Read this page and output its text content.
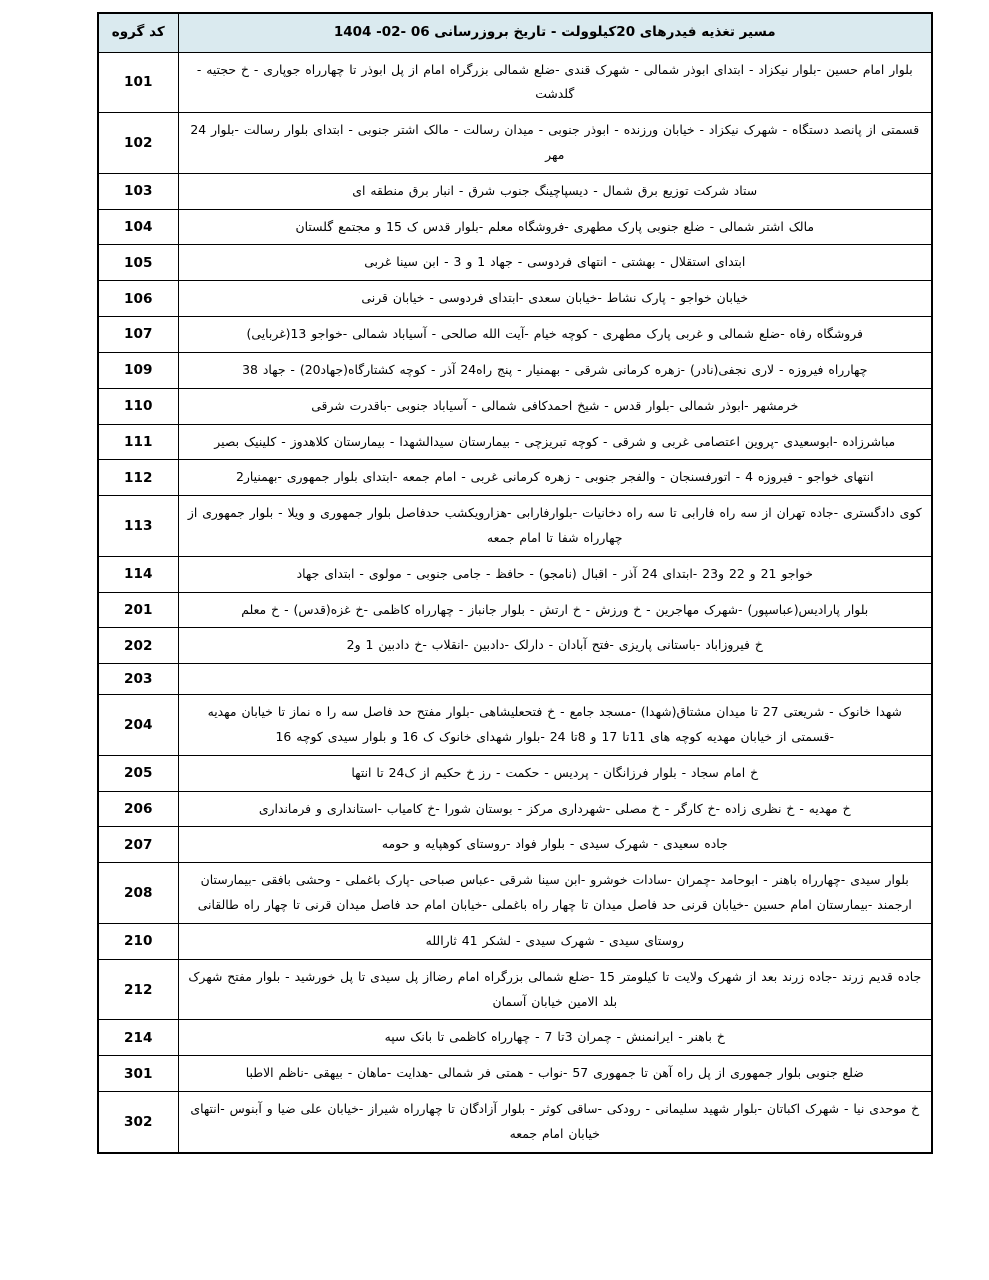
مسیر تغذیه فیدرهای 20کیلوولت - تاریخ بروزرسانی 06 -02- 1404	کد گروه
بلوار امام حسین -بلوار نیکزاد - ابتدای ابوذر شمالی - شهرک قندی -ضلع شمالی بزرگراه امام از پل ابوذر تا چهارراه جوپاری - خ حجتیه - گلدشت	101
قسمتی از پانصد دستگاه - شهرک نیکزاد - خیابان ورزنده - ابوذر جنوبی - میدان رسالت - مالک اشتر جنوبی - ابتدای بلوار رسالت -بلوار 24 مهر	102
ستاد شرکت توزیع برق شمال - دیسپاچینگ جنوب شرق - انبار برق منطقه ای	103
مالک اشتر شمالی - ضلع جنوبی پارک مطهری -فروشگاه معلم -بلوار قدس ک 15 و مجتمع گلستان	104
ابتدای استقلال - بهشتی - انتهای فردوسی - جهاد 1 و 3 - ابن سینا غربی	105
خیابان خواجو - پارک نشاط -خیابان سعدی -ابتدای فردوسی - خیابان قرنی	106
فروشگاه رفاه -ضلع شمالی و غربی پارک مطهری - کوچه خیام -آیت الله صالحی - آسیاباد شمالی -خواجو 13(غربایی)	107
چهارراه فیروزه - لاری نجفی(نادر) -زهره کرمانی شرقی - بهمنیار - پنج راه24 آذر - کوچه کشتارگاه(جهاد20) - جهاد 38	109
خرمشهر -ابوذر شمالی -بلوار قدس - شیخ احمدکافی شمالی - آسیاباد جنوبی -باقدرت شرقی	110
مباشرزاده -ابوسعیدی -پروین اعتصامی غربی و شرقی - کوچه تبریزچی - بیمارستان سیدالشهدا - بیمارستان کلاهدوز - کلینیک بصیر	111
انتهای خواجو - فیروزه 4 - اتورفسنجان - والفجر جنوبی - زهره کرمانی غربی - امام جمعه -ابتدای بلوار جمهوری -بهمنیار2	112
کوی دادگستری -جاده تهران از سه راه فارابی تا سه راه دخانیات -بلوارفارابی -هزارویکشب حدفاصل بلوار جمهوری و ویلا - بلوار جمهوری از چهارراه شفا تا امام جمعه	113
خواجو 21 و 22 و23 -ابتدای 24 آذر - اقبال (نامجو) - حافظ - جامی جنوبی - مولوی - ابتدای جهاد	114
بلوار پارادیس(عباسپور) -شهرک مهاجرین - خ ورزش - خ ارتش - بلوار جانباز - چهارراه کاظمی -خ غزه(قدس) - خ معلم	201
خ فیروزاباد -باستانی پاریزی -فتح آبادان - دارلک -دادبین -انقلاب -خ دادبین 1 و2	202
	203
شهدا خانوک - شریعتی 27 تا میدان مشتاق(شهدا) -مسجد جامع - خ فتحعلیشاهی -بلوار مفتح حد فاصل سه را ه نماز تا خیابان مهدیه -قسمتی از خیابان مهدیه کوچه های 11تا 17 و 8تا 24 -بلوار شهدای خانوک ک 16 و بلوار سیدی کوچه 16	204
خ امام سجاد - بلوار فرزانگان - پردیس - حکمت - رز خ حکیم از ک24 تا انتها	205
خ مهدیه - خ نظری زاده -خ کارگر - خ مصلی -شهرداری مرکز - بوستان شورا -خ کامیاب -استانداری و فرمانداری	206
جاده سعیدی - شهرک سیدی - بلوار فواد -روستای کوهپایه و حومه	207
بلوار سیدی -چهارراه باهنر - ابوحامد -چمران -سادات خوشرو -ابن سینا شرقی -عباس صباحی -پارک باغملی - وحشی بافقی -بیمارستان ارجمند -بیمارستان امام حسین -خیابان قرنی حد فاصل میدان تا چهار راه باغملی -خیابان امام حد فاصل میدان قرنی تا چهار راه طالقانی	208
روستای سیدی - شهرک سیدی - لشکر 41 ثارالله	210
جاده قدیم زرند -جاده زرند بعد از شهرک ولایت تا کیلومتر 15 -ضلع شمالی بزرگراه امام رضااز پل سیدی تا پل خورشید - بلوار مفتح شهرک بلد الامین خیابان آسمان	212
خ باهنر - ایرانمنش - چمران 3تا 7 - چهارراه کاظمی تا بانک سپه	214
ضلع جنوبی بلوار جمهوری از پل راه آهن تا جمهوری 57 -نواب - همتی فر شمالی -هدایت -ماهان - بیهقی -ناظم الاطبا	301
خ موحدی نیا - شهرک اکباتان -بلوار شهید سلیمانی - رودکی -ساقی کوثر - بلوار آزادگان تا چهارراه شیراز -خیابان علی ضیا و آبنوس -انتهای خیابان امام جمعه	302
